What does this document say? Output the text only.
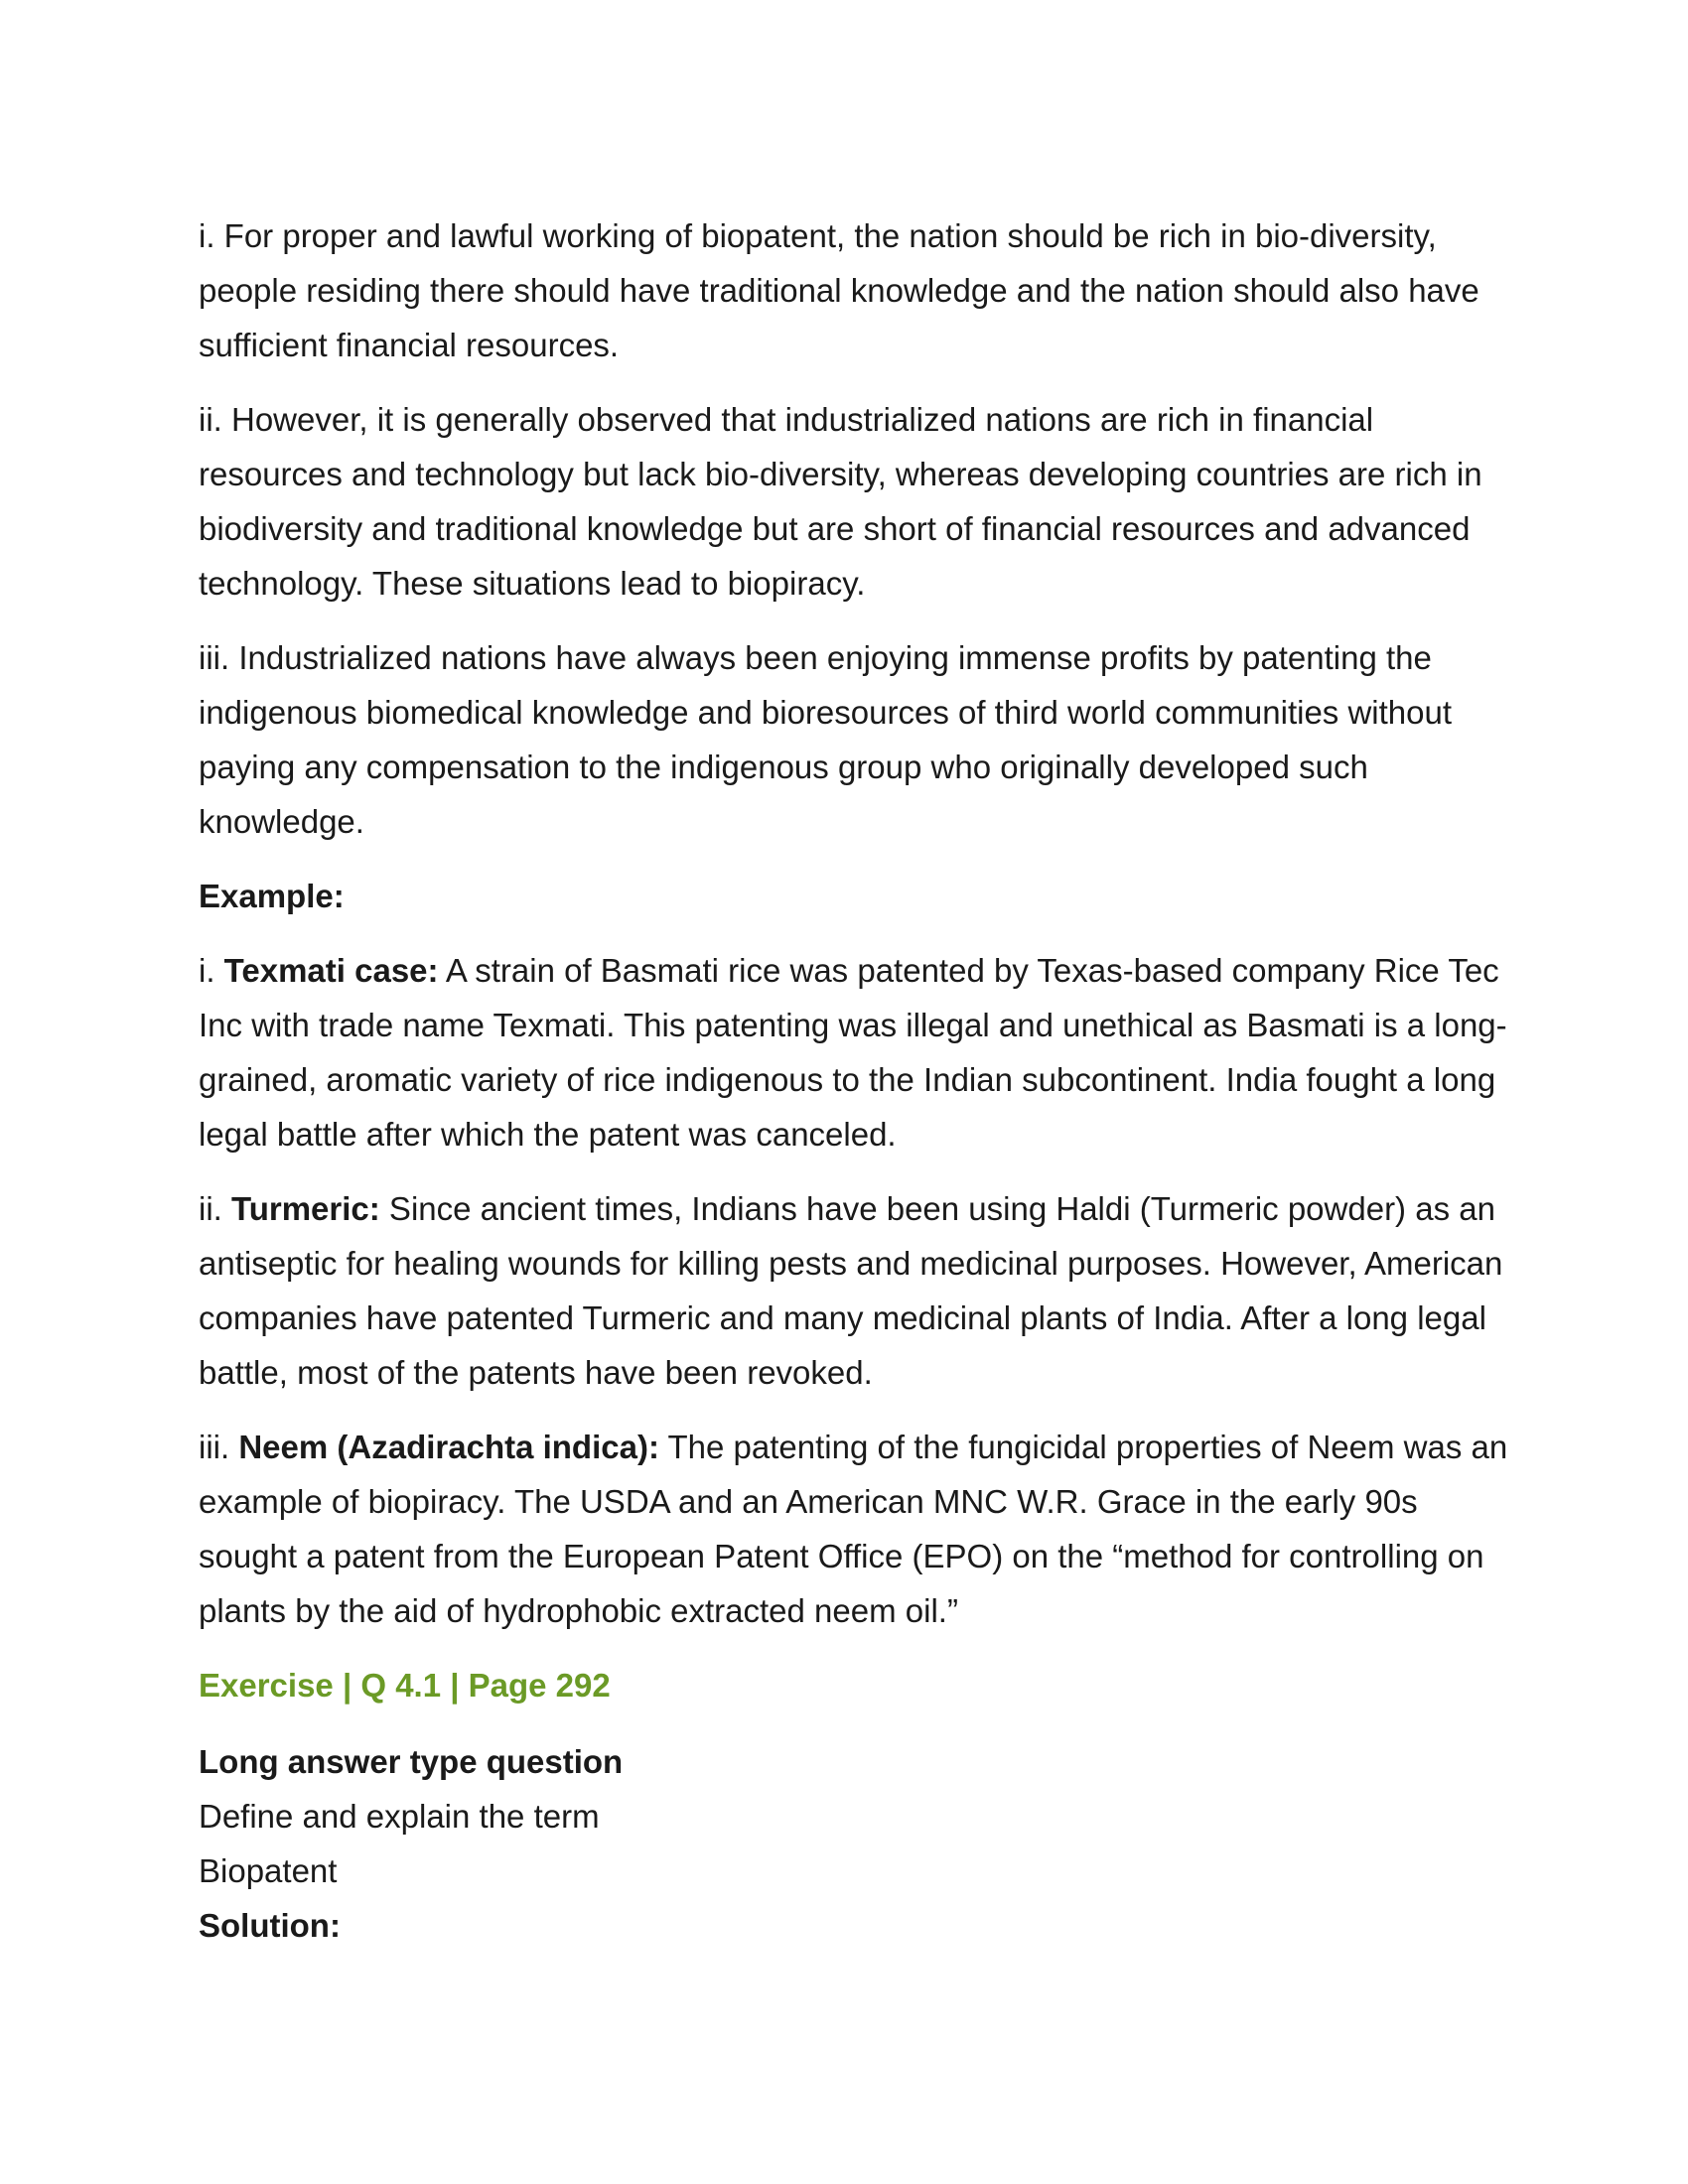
i. For proper and lawful working of biopatent, the nation should be rich in bio-diversity, people residing there should have traditional knowledge and the nation should also have sufficient financial resources.

ii. However, it is generally observed that industrialized nations are rich in financial resources and technology but lack bio-diversity, whereas developing countries are rich in biodiversity and traditional knowledge but are short of financial resources and advanced technology. These situations lead to biopiracy.

iii. Industrialized nations have always been enjoying immense profits by patenting the indigenous biomedical knowledge and bioresources of third world communities without paying any compensation to the indigenous group who originally developed such knowledge.

Example:

i. Texmati case: A strain of Basmati rice was patented by Texas-based company Rice Tec Inc with trade name Texmati. This patenting was illegal and unethical as Basmati is a long-grained, aromatic variety of rice indigenous to the Indian subcontinent. India fought a long legal battle after which the patent was canceled.

ii. Turmeric: Since ancient times, Indians have been using Haldi (Turmeric powder) as an antiseptic for healing wounds for killing pests and medicinal purposes. However, American companies have patented Turmeric and many medicinal plants of India. After a long legal battle, most of the patents have been revoked.

iii. Neem (Azadirachta indica): The patenting of the fungicidal properties of Neem was an example of biopiracy. The USDA and an American MNC W.R. Grace in the early 90s sought a patent from the European Patent Office (EPO) on the “method for controlling on plants by the aid of hydrophobic extracted neem oil.”

Exercise | Q 4.1 | Page 292

Long answer type question
Define and explain the term
Biopatent
Solution:
